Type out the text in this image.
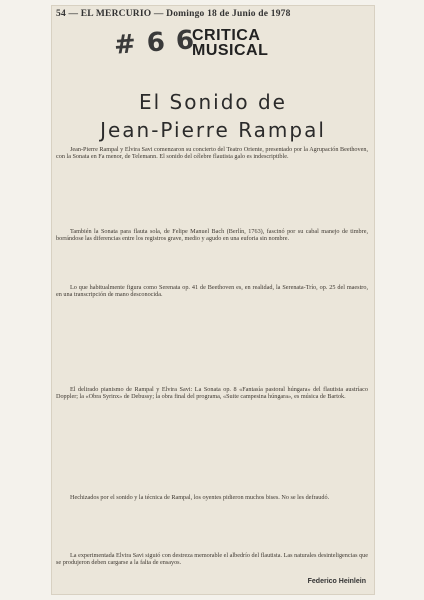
54 — EL MERCURIO — Domingo 18 de Junio de 1978
# 6 6
CRITICA
MUSICAL
El Sonido de
Jean-Pierre Rampal

Jean-Pierre Rampal y Elvira Savi comenzaron su concierto del Teatro Oriente, presentado por la Agrupación Beethoven, con la Sonata en Fa menor, de Telemann. El sonido del célebre flautista galo es indescriptible.

También la Sonata para flauta sola, de Felipe Manuel Bach (Berlín, 1763), fascinó por su cabal manejo de timbre, borrándose las diferencias entre los registros grave, medio y agudo en una euforia sin nombre.

Lo que habitualmente figura como Serenata op. 41 de Beethoven es, en realidad, la Serenata-Trío, op. 25 del maestro, en una transcripción de mano desconocida.

El delirado pianismo de Rampal y Elvira Savi: La Sonata op. 8 «Fantasía pastoral húngara» del flautista austríaco Doppler; la «Obra Syrinx» de Debussy; la obra final del programa, «Suite campesina húngara», es música de Bartok.

Hechizados por el sonido y la técnica de Rampal, los oyentes pidieron muchos bises. No se les defraudó.

La experimentada Elvira Savi siguió con destreza memorable el albedrío del flautista. Las naturales desinteligencias que se produjeron deben cargarse a la falta de ensayos.

Federico Heinlein
